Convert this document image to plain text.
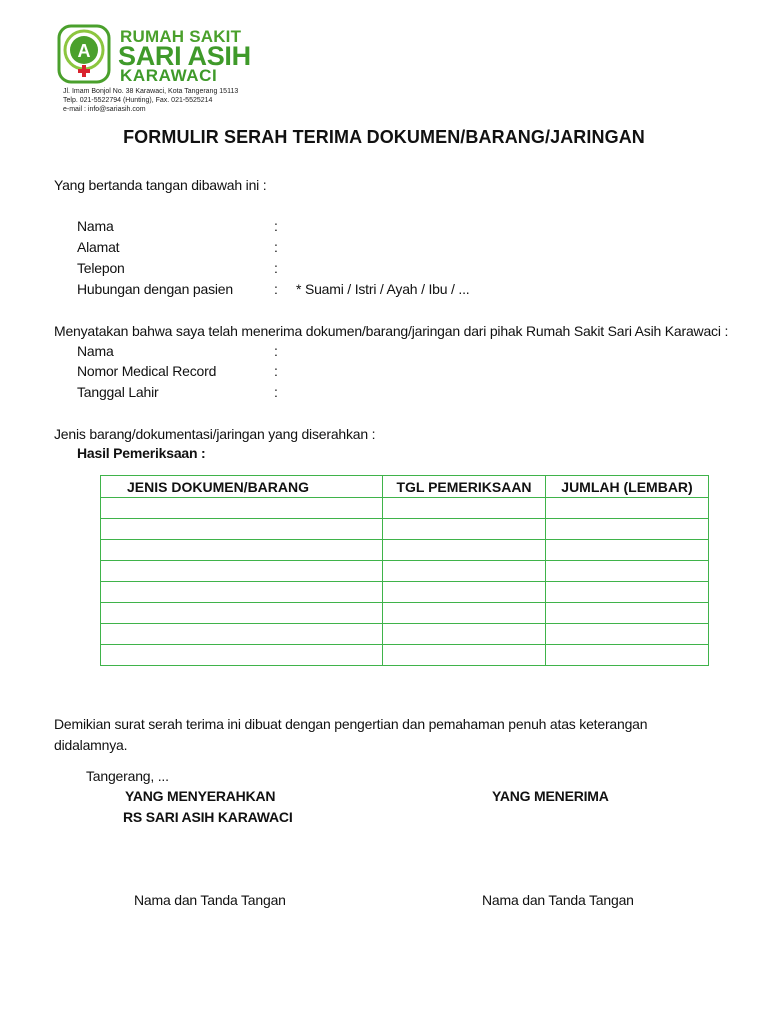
A
RUMAH SAKIT
SARI ASIH
KARAWACI
Jl. Imam Bonjol No. 38 Karawaci, Kota Tangerang 15113
Telp. 021-5522794 (Hunting), Fax. 021-5525214
e-mail : info@sariasih.com
FORMULIR SERAH TERIMA DOKUMEN/BARANG/JARINGAN
Yang bertanda tangan dibawah ini :
Nama	:
Alamat	:
Telepon	:
Hubungan dengan pasien	: * Suami / Istri / Ayah / Ibu / ...
Menyatakan bahwa saya telah menerima dokumen/barang/jaringan dari pihak Rumah Sakit Sari Asih Karawaci :
Nama	:
Nomor Medical Record	:
Tanggal Lahir	:
Jenis barang/dokumentasi/jaringan yang diserahkan :
Hasil Pemeriksaan :
JENIS DOKUMEN/BARANG	TGL PEMERIKSAAN	JUMLAH (LEMBAR)

Demikian surat serah terima ini dibuat dengan pengertian dan pemahaman penuh atas keterangan
didalamnya.
Tangerang, ...
YANG MENYERAHKAN
RS SARI ASIH KARAWACI
YANG MENERIMA
Nama dan Tanda Tangan	Nama dan Tanda Tangan
